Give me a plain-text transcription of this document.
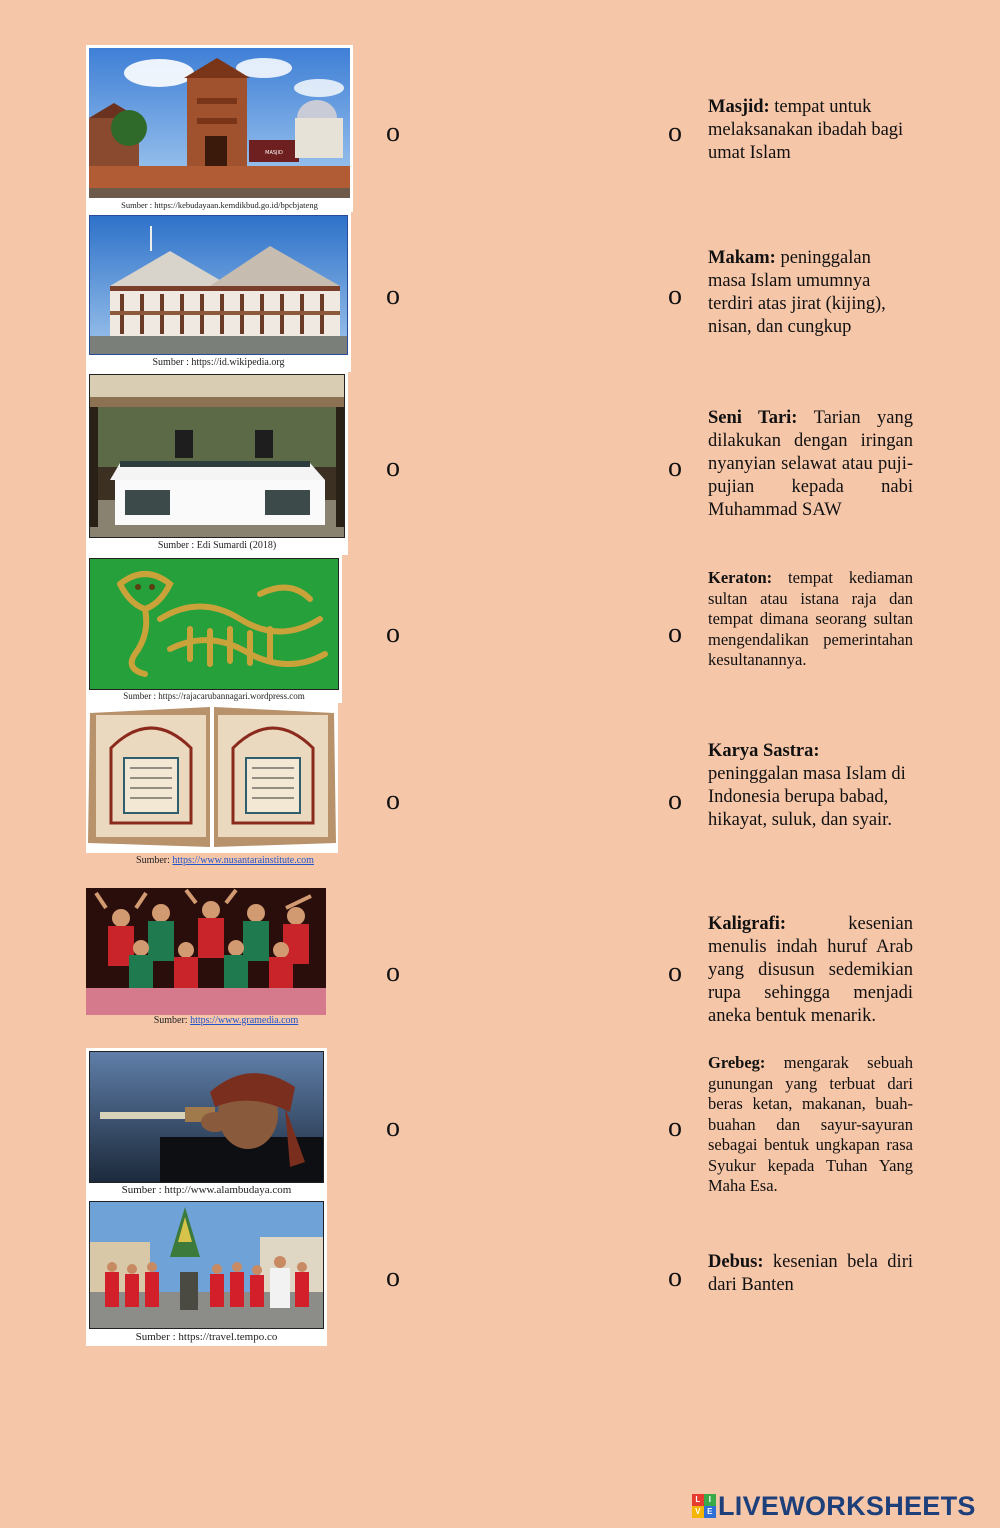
MASJID
Sumber : https://kebudayaan.kemdikbud.go.id/bpcbjateng
Sumber : https://id.wikipedia.org
Sumber : Edi Sumardi (2018)
Sumber : https://rajacarubannagari.wordpress.com
Sumber: https://www.nusantarainstitute.com
Sumber: https://www.gramedia.com
Sumber : http://www.alambudaya.com
Sumber : https://travel.tempo.co
o
o
o
o
o
o
o
o
o
o
o
o
o
o
o
o
Masjid: tempat untuk melaksanakan ibadah bagi umat Islam
Makam: peninggalan masa Islam umumnya terdiri atas jirat (kijing), nisan, dan cungkup
Seni Tari: Tarian yang dilakukan dengan iringan nyanyian selawat atau puji-pujian kepada nabi Muhammad SAW
Keraton: tempat kediaman sultan atau istana raja dan tempat dimana seorang sultan mengendalikan pemerintahan kesultanannya.
Karya Sastra: peninggalan masa Islam di Indonesia berupa babad, hikayat, suluk, dan syair.
Kaligrafi: kesenian menulis indah huruf Arab yang disusun sedemikian rupa sehingga menjadi aneka bentuk menarik.
Grebeg: mengarak sebuah gunungan yang terbuat dari beras ketan, makanan, buah-buahan dan sayur-sayuran sebagai bentuk ungkapan rasa Syukur kepada Tuhan Yang Maha Esa.
Debus: kesenian bela diri dari Banten
L	I
V E LIVEWORKSHEETS
